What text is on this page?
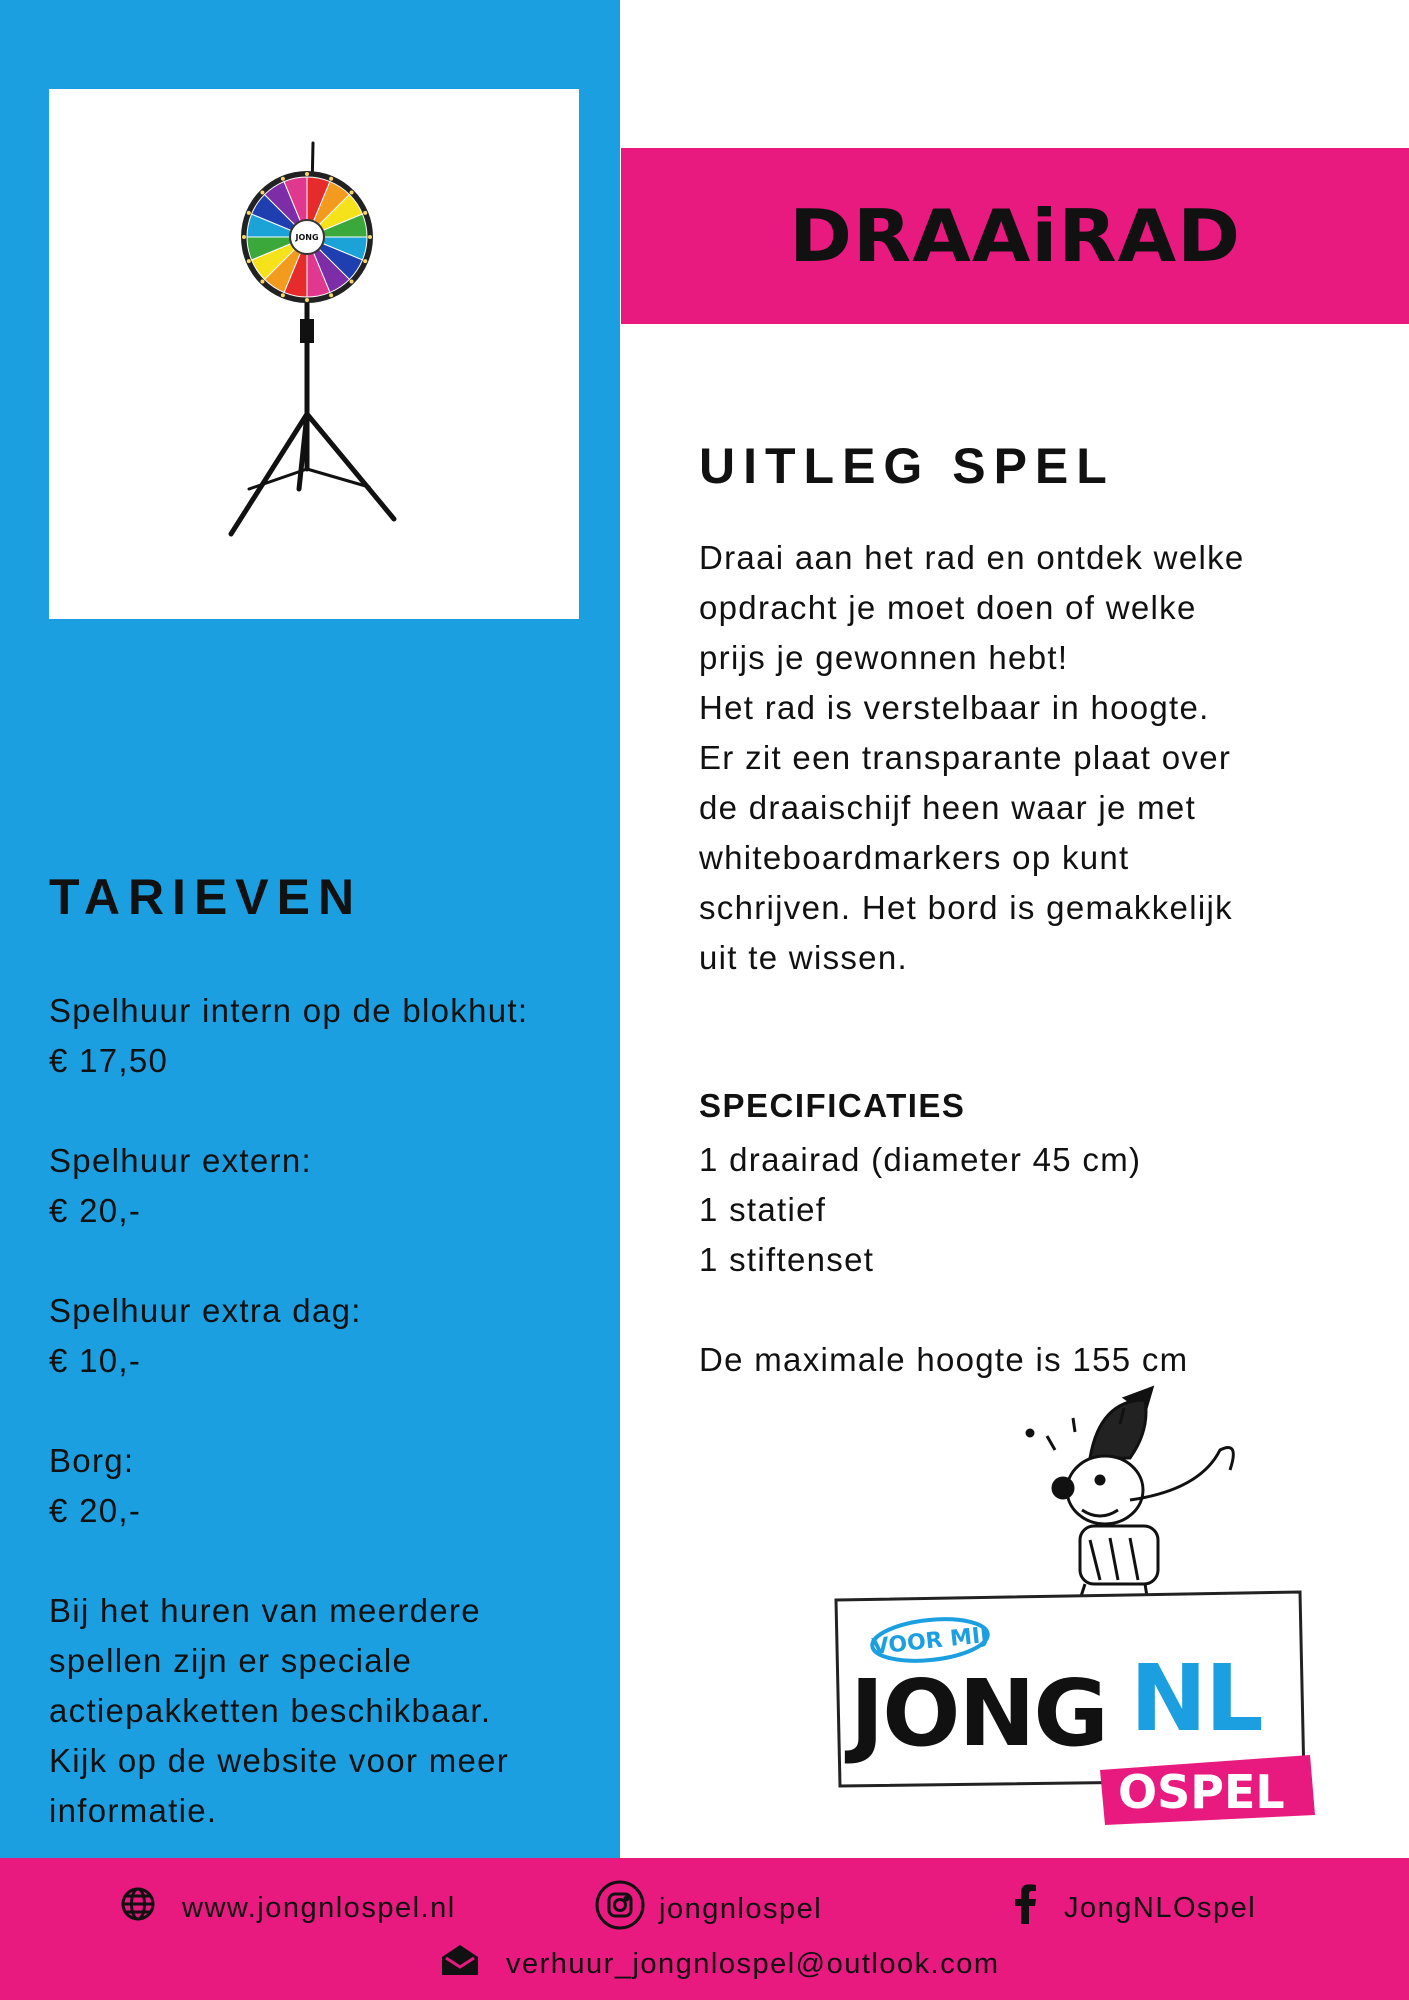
JONG
TARIEVEN
Spelhuur intern op de blokhut:
€ 17,50
Spelhuur extern:
€ 20,-
Spelhuur extra dag:
€ 10,-
Borg:
€ 20,-
Bij het huren van meerdere
spellen zijn er speciale
actiepakketten beschikbaar.
Kijk op de website voor meer
informatie.
DRAAiRAD
UITLEG SPEL
Draai aan het rad en ontdek welke
opdracht je moet doen of welke
prijs je gewonnen hebt!
Het rad is verstelbaar in hoogte.
Er zit een transparante plaat over
de draaischijf heen waar je met
whiteboardmarkers op kunt
schrijven. Het bord is gemakkelijk
uit te wissen.
SPECIFICATIES
1 draairad (diameter 45 cm)
1 statief
1 stiftenset
De maximale hoogte is 155 cm
VOOR MIJ
JONG NL
OSPEL
www.jongnlospel.nl	jongnlospel	JongNLOspel
verhuur_jongnlospel@outlook.com
